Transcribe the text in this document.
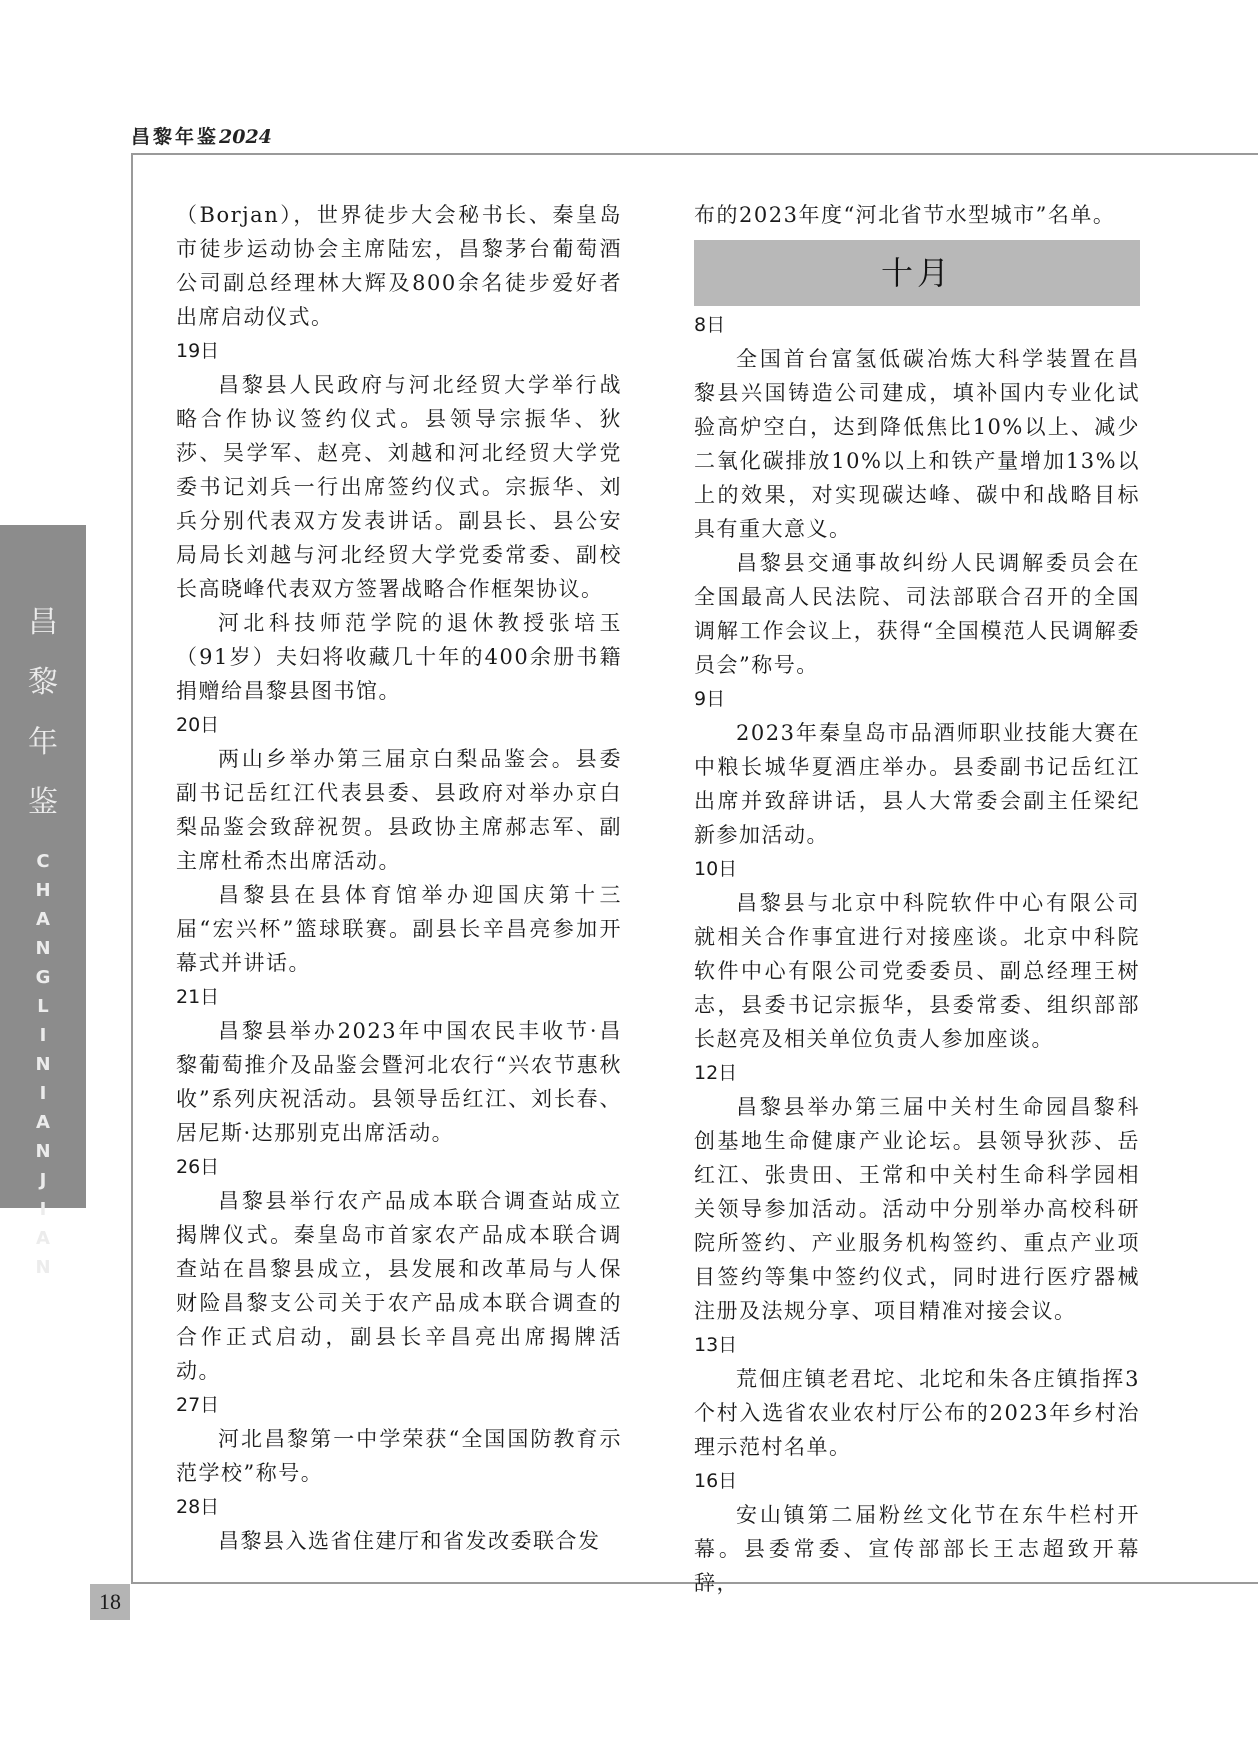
昌黎年鉴2024
昌
黎
年
鉴
C
H
A
N
G
L
I
N
I
A
N
J
I
A
N
18

（Borjan），世界徒步大会秘书长、秦皇岛市徒步运动协会主席陆宏，昌黎茅台葡萄酒公司副总经理林大辉及800余名徒步爱好者出席启动仪式。

19日

昌黎县人民政府与河北经贸大学举行战略合作协议签约仪式。县领导宗振华、狄莎、吴学军、赵亮、刘越和河北经贸大学党委书记刘兵一行出席签约仪式。宗振华、刘兵分别代表双方发表讲话。副县长、县公安局局长刘越与河北经贸大学党委常委、副校长高晓峰代表双方签署战略合作框架协议。

河北科技师范学院的退休教授张培玉（91岁）夫妇将收藏几十年的400余册书籍捐赠给昌黎县图书馆。

20日

两山乡举办第三届京白梨品鉴会。县委副书记岳红江代表县委、县政府对举办京白梨品鉴会致辞祝贺。县政协主席郝志军、副主席杜希杰出席活动。

昌黎县在县体育馆举办迎国庆第十三届“宏兴杯”篮球联赛。副县长辛昌亮参加开幕式并讲话。

21日

昌黎县举办2023年中国农民丰收节·昌黎葡萄推介及品鉴会暨河北农行“兴农节惠秋收”系列庆祝活动。县领导岳红江、刘长春、居尼斯·达那别克出席活动。

26日

昌黎县举行农产品成本联合调查站成立揭牌仪式。秦皇岛市首家农产品成本联合调查站在昌黎县成立，县发展和改革局与人保财险昌黎支公司关于农产品成本联合调查的合作正式启动，副县长辛昌亮出席揭牌活动。

27日

河北昌黎第一中学荣获“全国国防教育示范学校”称号。

28日

昌黎县入选省住建厅和省发改委联合发

布的2023年度“河北省节水型城市”名单。

十月
8日

全国首台富氢低碳冶炼大科学装置在昌黎县兴国铸造公司建成，填补国内专业化试验高炉空白，达到降低焦比10%以上、减少二氧化碳排放10%以上和铁产量增加13%以上的效果，对实现碳达峰、碳中和战略目标具有重大意义。

昌黎县交通事故纠纷人民调解委员会在全国最高人民法院、司法部联合召开的全国调解工作会议上，获得“全国模范人民调解委员会”称号。

9日

2023年秦皇岛市品酒师职业技能大赛在中粮长城华夏酒庄举办。县委副书记岳红江出席并致辞讲话，县人大常委会副主任梁纪新参加活动。

10日

昌黎县与北京中科院软件中心有限公司就相关合作事宜进行对接座谈。北京中科院软件中心有限公司党委委员、副总经理王树志，县委书记宗振华，县委常委、组织部部长赵亮及相关单位负责人参加座谈。

12日

昌黎县举办第三届中关村生命园昌黎科创基地生命健康产业论坛。县领导狄莎、岳红江、张贵田、王常和中关村生命科学园相关领导参加活动。活动中分别举办高校科研院所签约、产业服务机构签约、重点产业项目签约等集中签约仪式，同时进行医疗器械注册及法规分享、项目精准对接会议。

13日

荒佃庄镇老君坨、北坨和朱各庄镇指挥3个村入选省农业农村厅公布的2023年乡村治理示范村名单。

16日

安山镇第二届粉丝文化节在东牛栏村开幕。县委常委、宣传部部长王志超致开幕辞，
